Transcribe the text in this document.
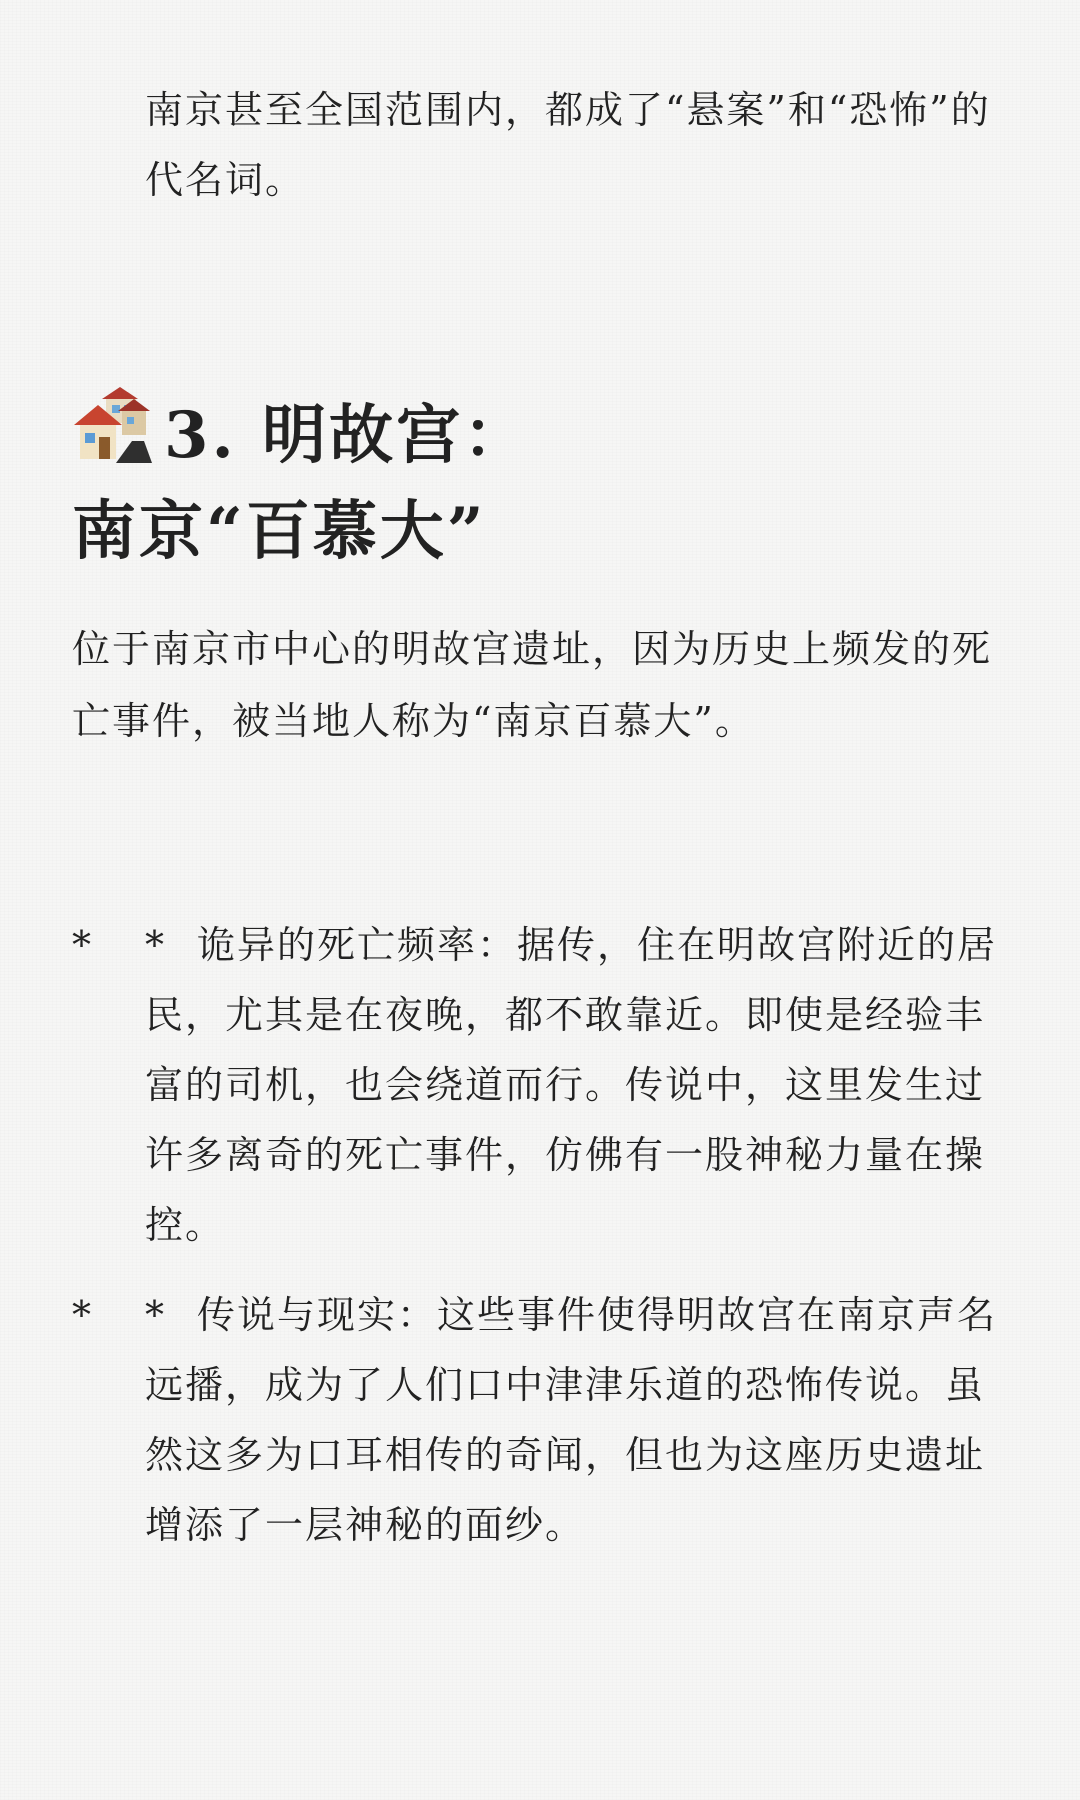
南京甚至全国范围内，都成了“悬案”和“恐怖”的代名词。
3. 明故宫：
南京“百慕大”
位于南京市中心的明故宫遗址，因为历史上频发的死亡事件，被当地人称为“南京百慕大”。
*	* 诡异的死亡频率：据传，住在明故宫附近的居民，尤其是在夜晚，都不敢靠近。即使是经验丰富的司机，也会绕道而行。传说中，这里发生过许多离奇的死亡事件，仿佛有一股神秘力量在操控。
*	* 传说与现实：这些事件使得明故宫在南京声名远播，成为了人们口中津津乐道的恐怖传说。虽然这多为口耳相传的奇闻，但也为这座历史遗址增添了一层神秘的面纱。
